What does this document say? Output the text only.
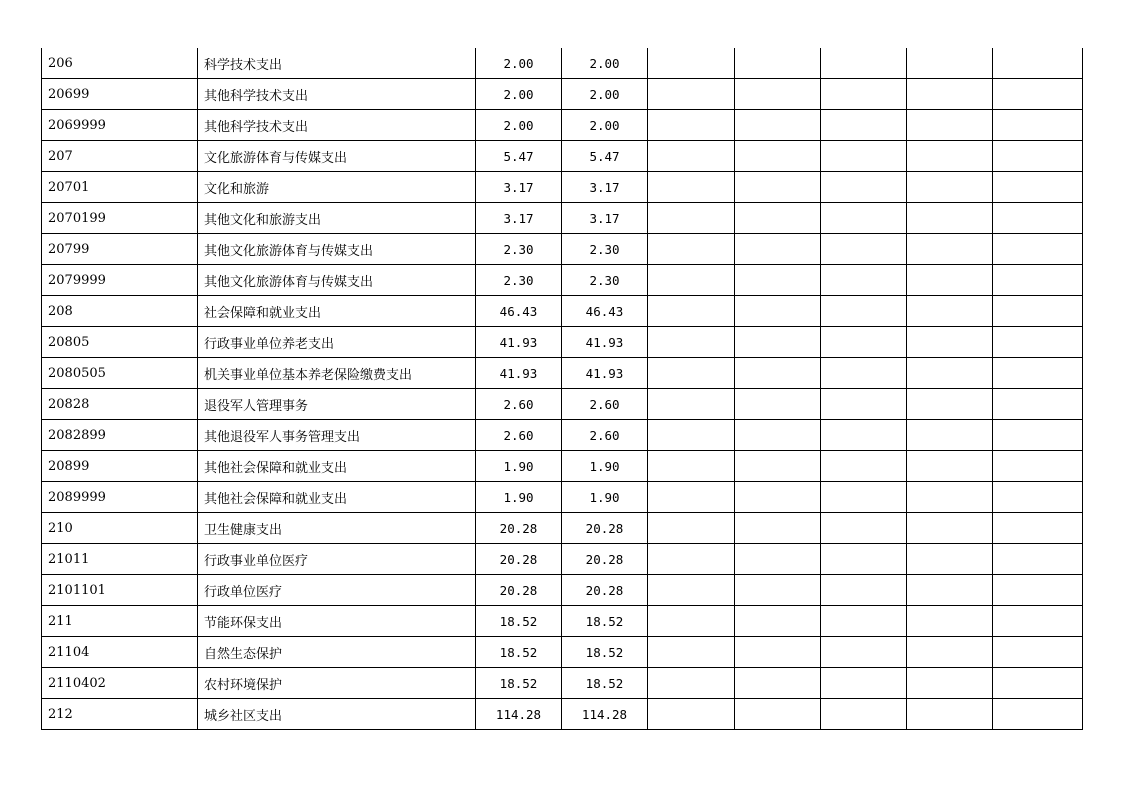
206	科学技术支出	2.00	2.00					
20699	其他科学技术支出	2.00	2.00					
2069999	其他科学技术支出	2.00	2.00					
207	文化旅游体育与传媒支出	5.47	5.47					
20701	文化和旅游	3.17	3.17					
2070199	其他文化和旅游支出	3.17	3.17					
20799	其他文化旅游体育与传媒支出	2.30	2.30					
2079999	其他文化旅游体育与传媒支出	2.30	2.30					
208	社会保障和就业支出	46.43	46.43					
20805	行政事业单位养老支出	41.93	41.93					
2080505	机关事业单位基本养老保险缴费支出	41.93	41.93					
20828	退役军人管理事务	2.60	2.60					
2082899	其他退役军人事务管理支出	2.60	2.60					
20899	其他社会保障和就业支出	1.90	1.90					
2089999	其他社会保障和就业支出	1.90	1.90					
210	卫生健康支出	20.28	20.28					
21011	行政事业单位医疗	20.28	20.28					
2101101	行政单位医疗	20.28	20.28					
211	节能环保支出	18.52	18.52					
21104	自然生态保护	18.52	18.52					
2110402	农村环境保护	18.52	18.52					
212	城乡社区支出	114.28	114.28					
